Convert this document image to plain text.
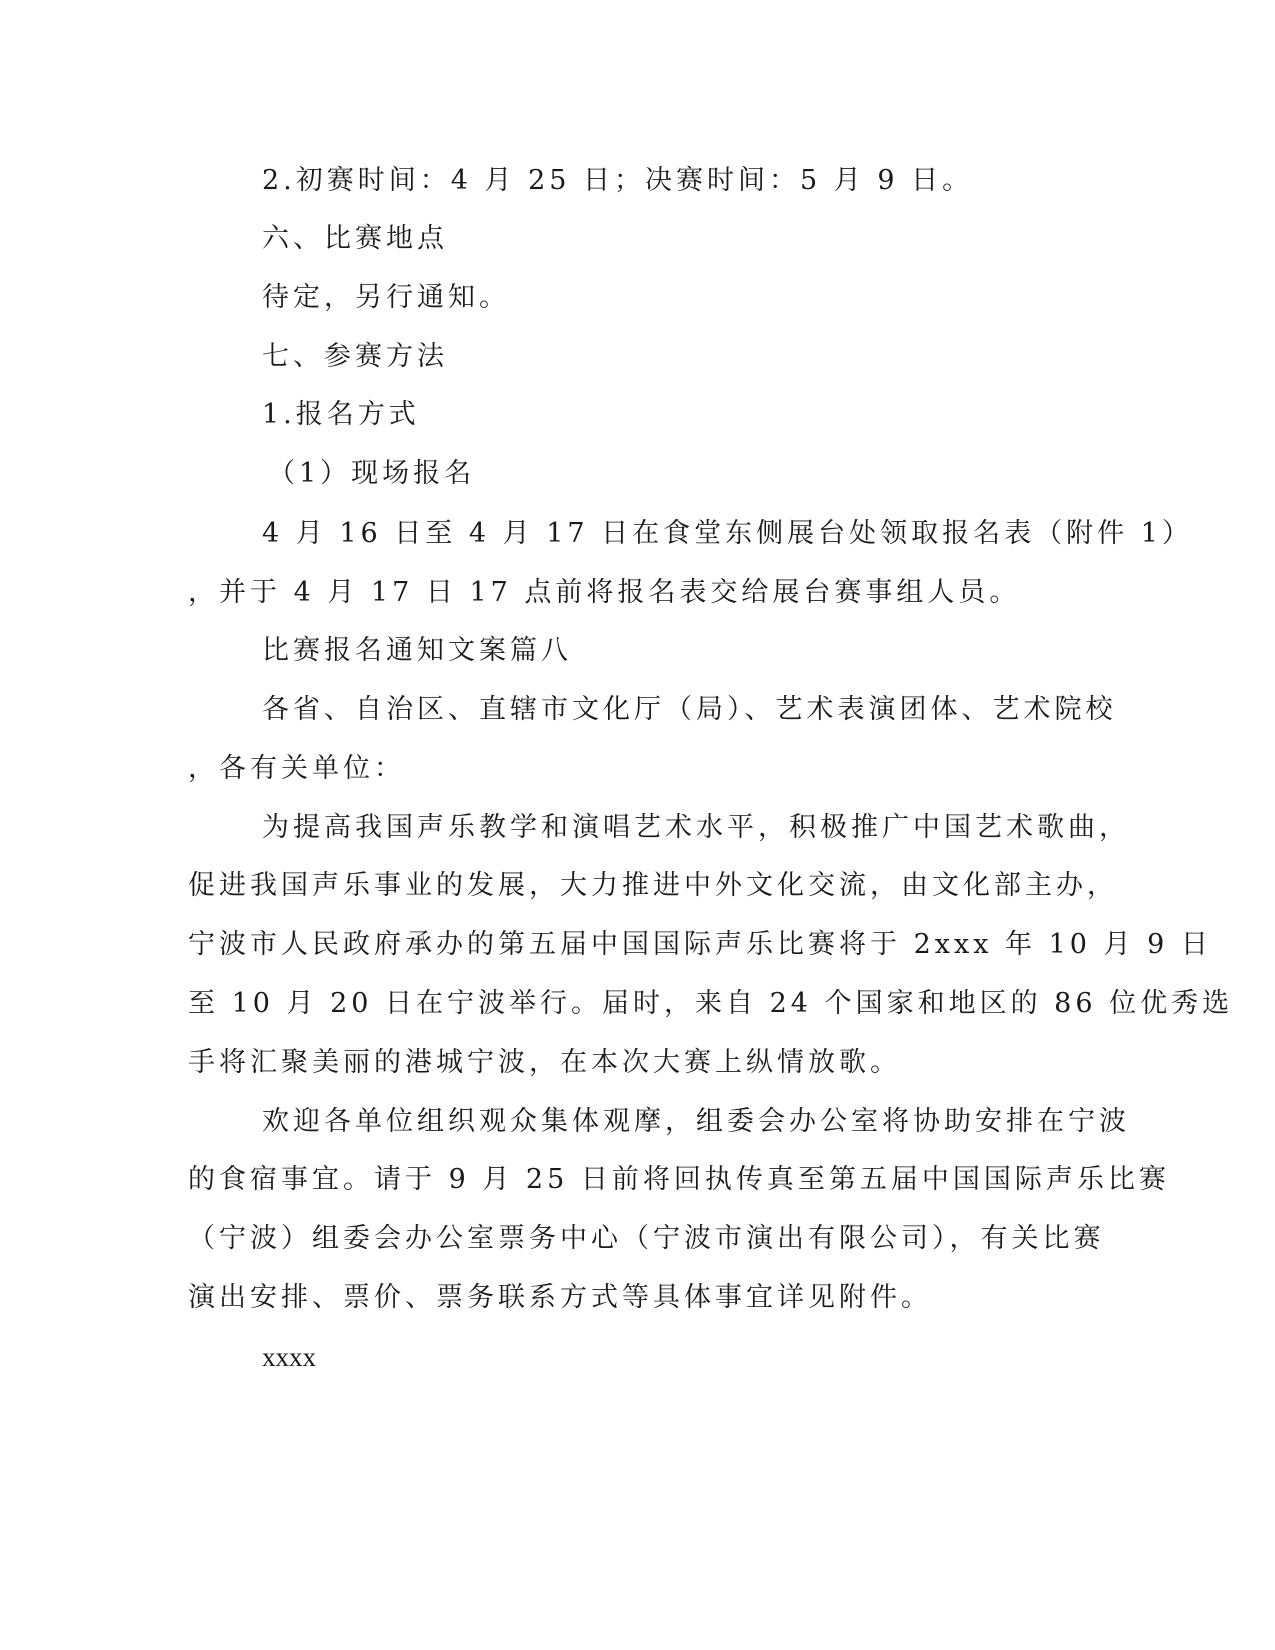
2.初赛时间：4 月 25 日；决赛时间：5 月 9 日。
六、比赛地点
待定，另行通知。
七、参赛方法
1.报名方式
（1）现场报名
4 月 16 日至 4 月 17 日在食堂东侧展台处领取报名表（附件 1）
，并于 4 月 17 日 17 点前将报名表交给展台赛事组人员。
比赛报名通知文案篇八
各省、自治区、直辖市文化厅（局）、艺术表演团体、艺术院校
，各有关单位：
为提高我国声乐教学和演唱艺术水平，积极推广中国艺术歌曲，
促进我国声乐事业的发展，大力推进中外文化交流，由文化部主办，
宁波市人民政府承办的第五届中国国际声乐比赛将于 2xxx 年 10 月 9 日
至 10 月 20 日在宁波举行。届时，来自 24 个国家和地区的 86 位优秀选
手将汇聚美丽的港城宁波，在本次大赛上纵情放歌。
欢迎各单位组织观众集体观摩，组委会办公室将协助安排在宁波
的食宿事宜。请于 9 月 25 日前将回执传真至第五届中国国际声乐比赛
（宁波）组委会办公室票务中心（宁波市演出有限公司），有关比赛
演出安排、票价、票务联系方式等具体事宜详见附件。
xxxx
